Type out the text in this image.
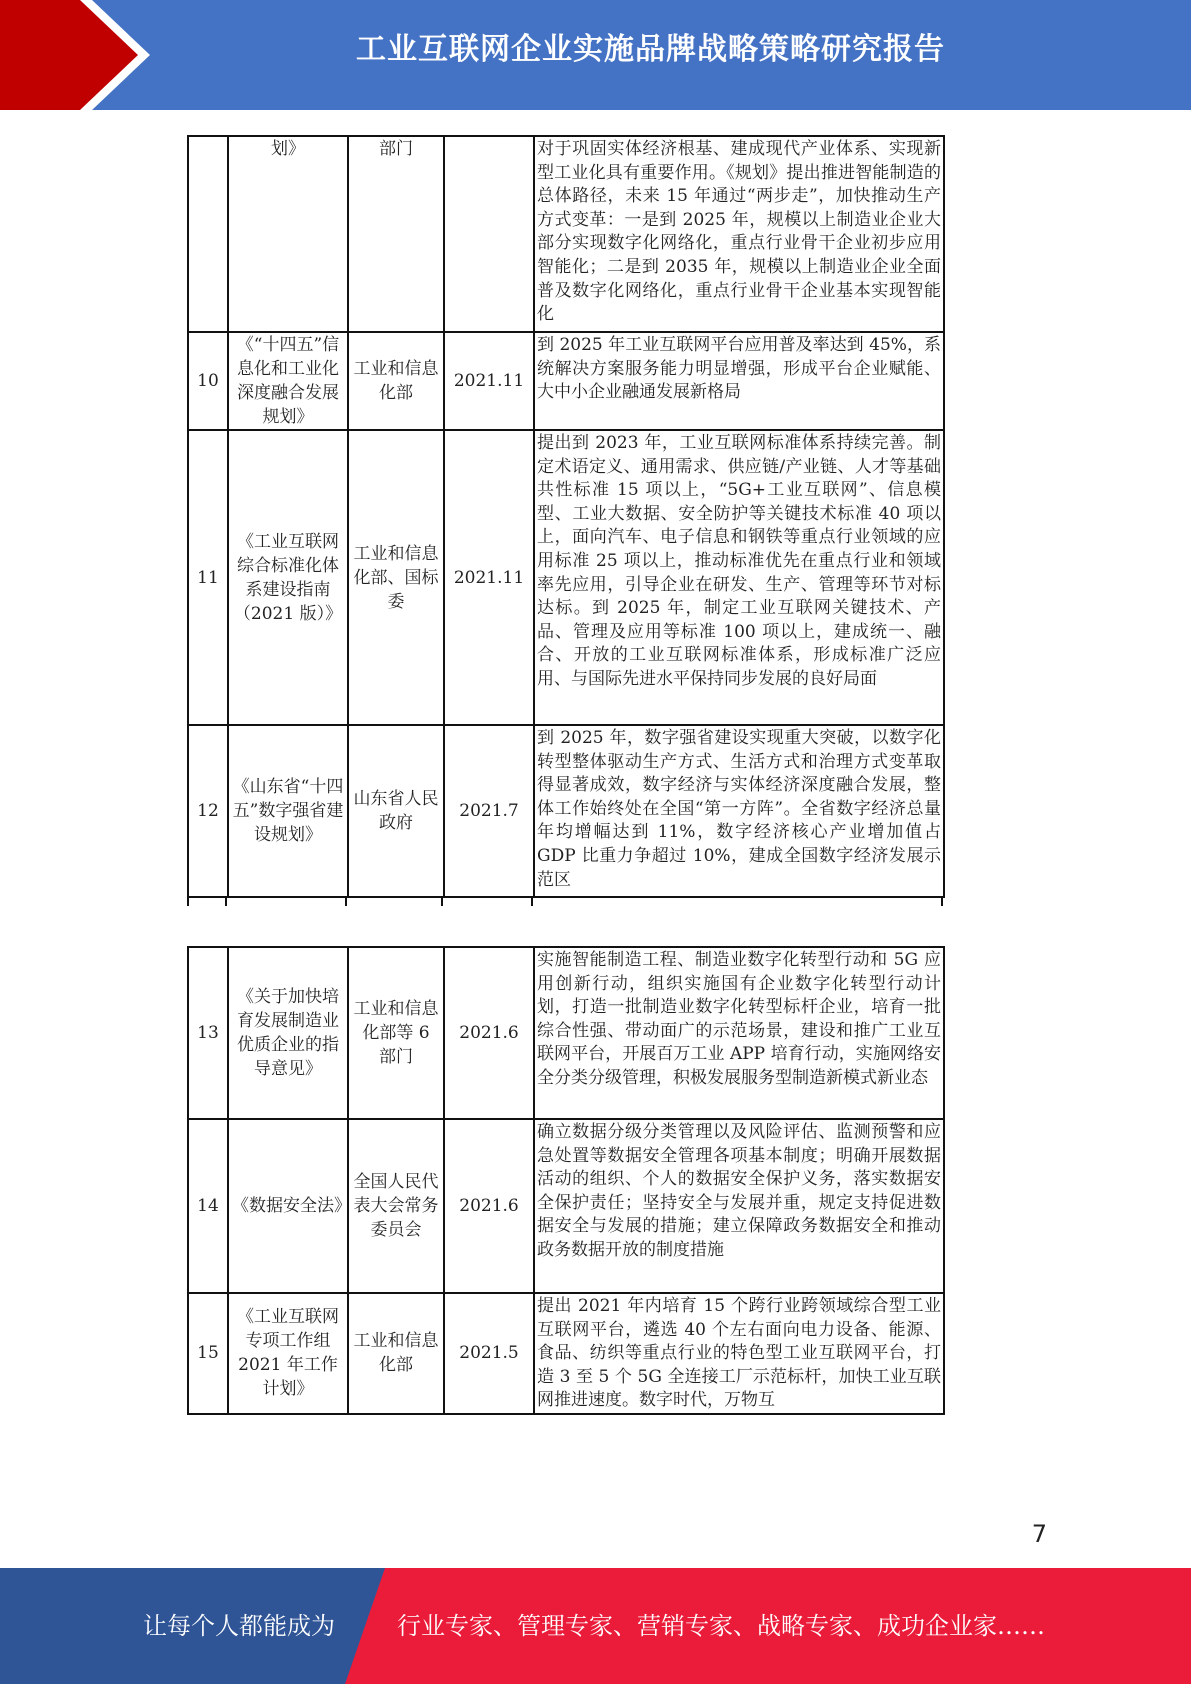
工业互联网企业实施品牌战略策略研究报告
	划》	部门		对于巩固实体经济根基、建成现代产业体系、实现新型工业化具有重要作用。《规划》提出推进智能制造的总体路径，未来 15 年通过“两步走”，加快推动生产方式变革：一是到 2025 年，规模以上制造业企业大部分实现数字化网络化，重点行业骨干企业初步应用智能化；二是到 2035 年，规模以上制造业企业全面普及数字化网络化，重点行业骨干企业基本实现智能化
10	《“十四五”信息化和工业化深度融合发展规划》	工业和信息化部	2021.11	到 2025 年工业互联网平台应用普及率达到 45%，系统解决方案服务能力明显增强，形成平台企业赋能、大中小企业融通发展新格局
11	《工业互联网综合标准化体系建设指南（2021 版）》	工业和信息化部、国标委	2021.11	提出到 2023 年，工业互联网标准体系持续完善。制定术语定义、通用需求、供应链/产业链、人才等基础共性标准 15 项以上，“5G+工业互联网”、信息模型、工业大数据、安全防护等关键技术标准 40 项以上，面向汽车、电子信息和钢铁等重点行业领域的应用标准 25 项以上，推动标准优先在重点行业和领域率先应用，引导企业在研发、生产、管理等环节对标达标。到 2025 年，制定工业互联网关键技术、产品、管理及应用等标准 100 项以上，建成统一、融合、开放的工业互联网标准体系，形成标准广泛应用、与国际先进水平保持同步发展的良好局面
12	《山东省“十四五”数字强省建设规划》	山东省人民政府	2021.7	到 2025 年，数字强省建设实现重大突破，以数字化转型整体驱动生产方式、生活方式和治理方式变革取得显著成效，数字经济与实体经济深度融合发展，整体工作始终处在全国“第一方阵”。全省数字经济总量年均增幅达到 11%，数字经济核心产业增加值占 GDP 比重力争超过 10%，建成全国数字经济发展示范区
13	《关于加快培育发展制造业优质企业的指导意见》	工业和信息化部等 6 部门	2021.6	实施智能制造工程、制造业数字化转型行动和 5G 应用创新行动，组织实施国有企业数字化转型行动计划，打造一批制造业数字化转型标杆企业，培育一批综合性强、带动面广的示范场景，建设和推广工业互联网平台，开展百万工业 APP 培育行动，实施网络安全分类分级管理，积极发展服务型制造新模式新业态
14	《数据安全法》	全国人民代表大会常务委员会	2021.6	确立数据分级分类管理以及风险评估、监测预警和应急处置等数据安全管理各项基本制度；明确开展数据活动的组织、个人的数据安全保护义务，落实数据安全保护责任；坚持安全与发展并重，规定支持促进数据安全与发展的措施；建立保障政务数据安全和推动政务数据开放的制度措施
15	《工业互联网专项工作组 2021 年工作计划》	工业和信息化部	2021.5	提出 2021 年内培育 15 个跨行业跨领域综合型工业互联网平台，遴选 40 个左右面向电力设备、能源、食品、纺织等重点行业的特色型工业互联网平台，打造 3 至 5 个 5G 全连接工厂示范标杆，加快工业互联网推进速度。数字时代，万物互
7
让每个人都能成为	行业专家、管理专家、营销专家、战略专家、成功企业家……
